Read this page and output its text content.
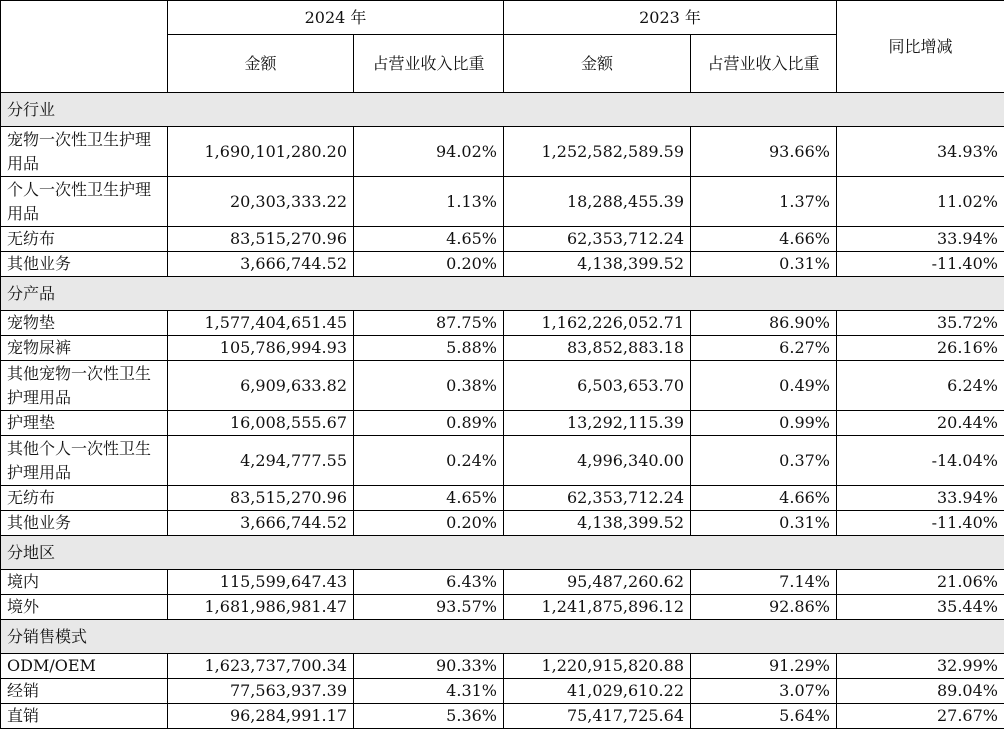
	2024 年		2023 年		同比增减
	金额	占营业收入比重	金额	占营业收入比重	
分行业					
宠物一次性卫生护理用品	1,690,101,280.20	94.02%	1,252,582,589.59	93.66%	34.93%
个人一次性卫生护理用品	20,303,333.22	1.13%	18,288,455.39	1.37%	11.02%
无纺布	83,515,270.96	4.65%	62,353,712.24	4.66%	33.94%
其他业务	3,666,744.52	0.20%	4,138,399.52	0.31%	-11.40%
分产品					
宠物垫	1,577,404,651.45	87.75%	1,162,226,052.71	86.90%	35.72%
宠物尿裤	105,786,994.93	5.88%	83,852,883.18	6.27%	26.16%
其他宠物一次性卫生护理用品	6,909,633.82	0.38%	6,503,653.70	0.49%	6.24%
护理垫	16,008,555.67	0.89%	13,292,115.39	0.99%	20.44%
其他个人一次性卫生护理用品	4,294,777.55	0.24%	4,996,340.00	0.37%	-14.04%
无纺布	83,515,270.96	4.65%	62,353,712.24	4.66%	33.94%
其他业务	3,666,744.52	0.20%	4,138,399.52	0.31%	-11.40%
分地区					
境内	115,599,647.43	6.43%	95,487,260.62	7.14%	21.06%
境外	1,681,986,981.47	93.57%	1,241,875,896.12	92.86%	35.44%
分销售模式					
ODM/OEM	1,623,737,700.34	90.33%	1,220,915,820.88	91.29%	32.99%
经销	77,563,937.39	4.31%	41,029,610.22	3.07%	89.04%
直销	96,284,991.17	5.36%	75,417,725.64	5.64%	27.67%
